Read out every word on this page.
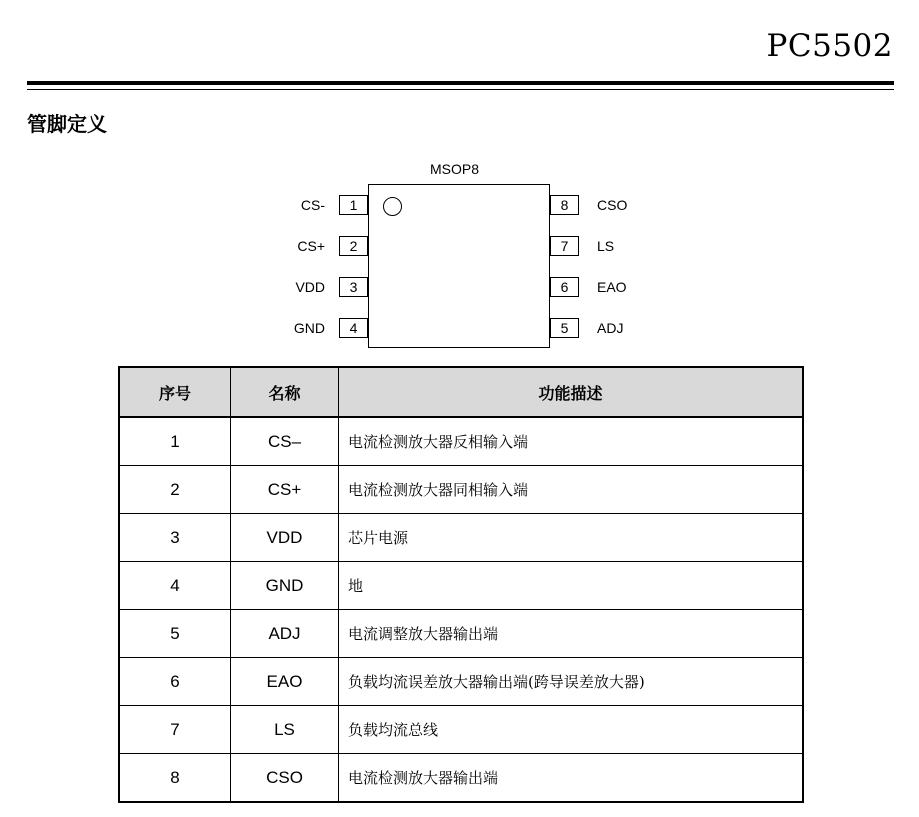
PC5502
管脚定义
MSOP8
CS-	1
CS+	2
VDD	3
GND	4
8	CSO
7	LS
6	EAO
5	ADJ
序号	名称	功能描述
1	CS–	电流检测放大器反相输入端
2	CS+	电流检测放大器同相输入端
3	VDD	芯片电源
4	GND	地
5	ADJ	电流调整放大器输出端
6	EAO	负载均流误差放大器输出端(跨导误差放大器)
7	LS	负载均流总线
8	CSO	电流检测放大器输出端
